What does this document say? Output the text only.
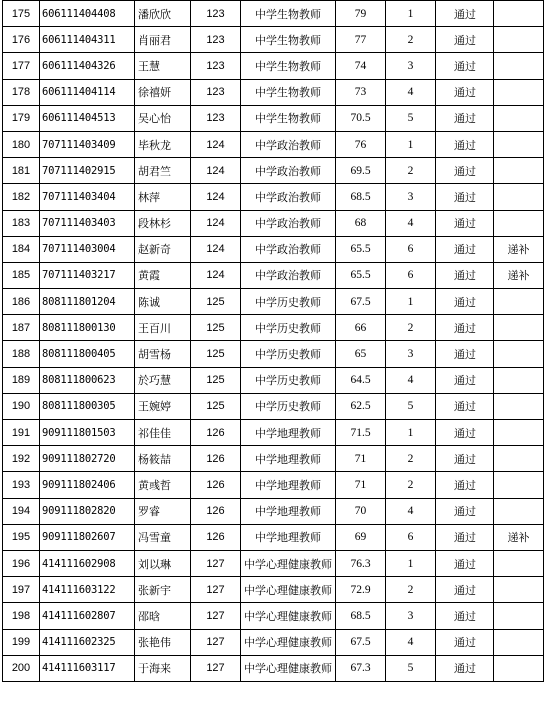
175	606111404408	潘欣欣	123	中学生物教师	79	1	通过	
176	606111404311	肖丽君	123	中学生物教师	77	2	通过	
177	606111404326	王慧	123	中学生物教师	74	3	通过	
178	606111404114	徐禧妍	123	中学生物教师	73	4	通过	
179	606111404513	吴心怡	123	中学生物教师	70.5	5	通过	
180	707111403409	毕秋龙	124	中学政治教师	76	1	通过	
181	707111402915	胡君竺	124	中学政治教师	69.5	2	通过	
182	707111403404	林萍	124	中学政治教师	68.5	3	通过	
183	707111403403	段林杉	124	中学政治教师	68	4	通过	
184	707111403004	赵新奇	124	中学政治教师	65.5	6	通过	递补
185	707111403217	黄霞	124	中学政治教师	65.5	6	通过	递补
186	808111801204	陈诚	125	中学历史教师	67.5	1	通过	
187	808111800130	王百川	125	中学历史教师	66	2	通过	
188	808111800405	胡雪杨	125	中学历史教师	65	3	通过	
189	808111800623	於巧慧	125	中学历史教师	64.5	4	通过	
190	808111800305	王婉婷	125	中学历史教师	62.5	5	通过	
191	909111801503	祁佳佳	126	中学地理教师	71.5	1	通过	
192	909111802720	杨筱喆	126	中学地理教师	71	2	通过	
193	909111802406	黄彧哲	126	中学地理教师	71	2	通过	
194	909111802820	罗睿	126	中学地理教师	70	4	通过	
195	909111802607	冯雪童	126	中学地理教师	69	6	通过	递补
196	414111602908	刘以琳	127	中学心理健康教师	76.3	1	通过	
197	414111603122	张新宇	127	中学心理健康教师	72.9	2	通过	
198	414111602807	邵晗	127	中学心理健康教师	68.5	3	通过	
199	414111602325	张艳伟	127	中学心理健康教师	67.5	4	通过	
200	414111603117	于海来	127	中学心理健康教师	67.3	5	通过	
